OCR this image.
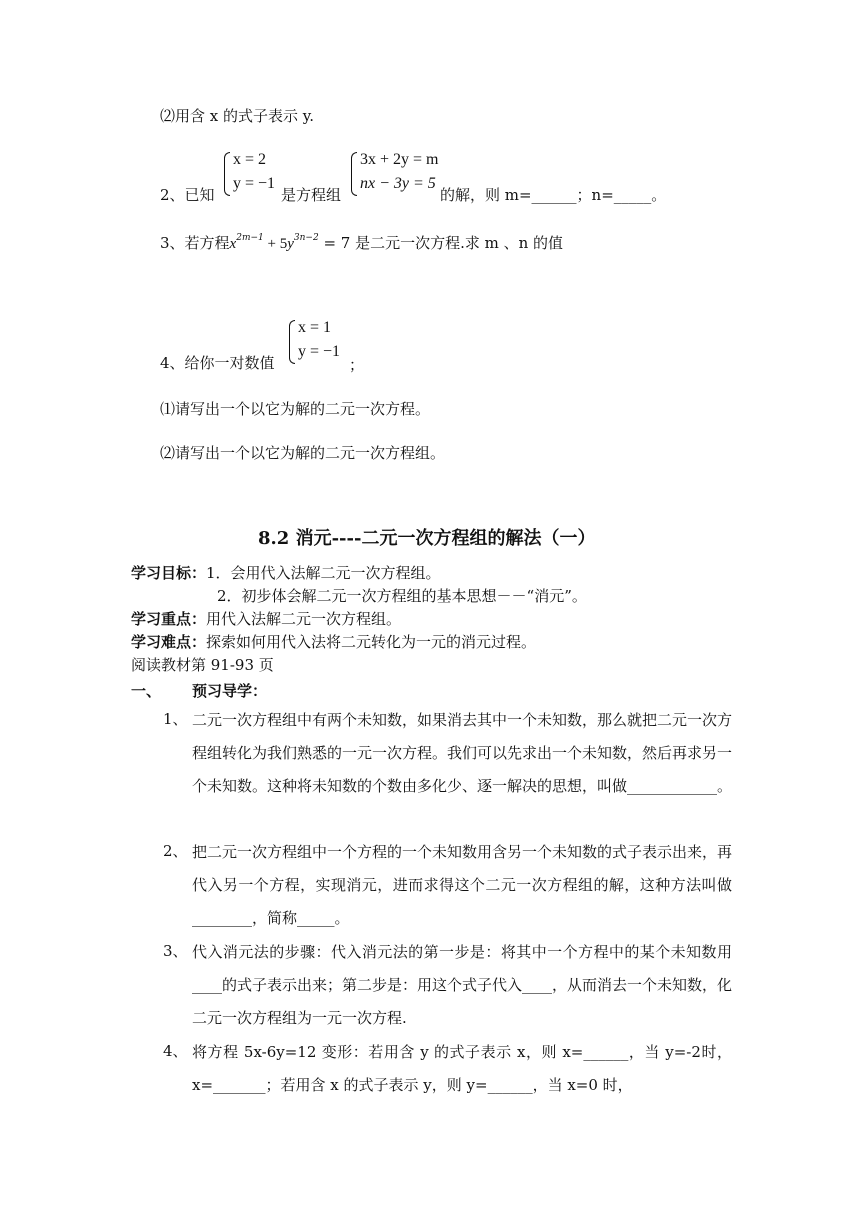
⑵用含 x 的式子表示 y.
2、已知
x = 2
y = −1
是方程组
3x + 2y = m
nx − 3y = 5
的解，则 m=______；n=_____。
3、若方程$x^{2m-1} + 5y^{3n-2} = 7$ 是二元一次方程.求 m 、n 的值
4、给你一对数值
x = 1
y = −1
；
⑴请写出一个以它为解的二元一次方程。
⑵请写出一个以它为解的二元一次方程组。
8.2 消元----二元一次方程组的解法（一）
学习目标：1．会用代入法解二元一次方程组。
2．初步体会解二元一次方程组的基本思想－－“消元”。
学习重点：用代入法解二元一次方程组。
学习难点：探索如何用代入法将二元转化为一元的消元过程。
阅读教材第 91-93 页
一、 预习导学：
1、 二元一次方程组中有两个未知数，如果消去其中一个未知数，那么就把二元一次方程组转化为我们熟悉的一元一次方程。我们可以先求出一个未知数，然后再求另一个未知数。这种将未知数的个数由多化少、逐一解决的思想，叫做____________。
2、 把二元一次方程组中一个方程的一个未知数用含另一个未知数的式子表示出来，再代入另一个方程，实现消元，进而求得这个二元一次方程组的解，这种方法叫做________，简称_____。
3、 代入消元法的步骤：代入消元法的第一步是：将其中一个方程中的某个未知数用____的式子表示出来；第二步是：用这个式子代入____，从而消去一个未知数，化二元一次方程组为一元一次方程.
4、 将方程 5x-6y=12 变形：若用含 y 的式子表示 x，则 x=______，当 y=-2时，x=_______；若用含 x 的式子表示 y，则 y=______，当 x=0 时，
